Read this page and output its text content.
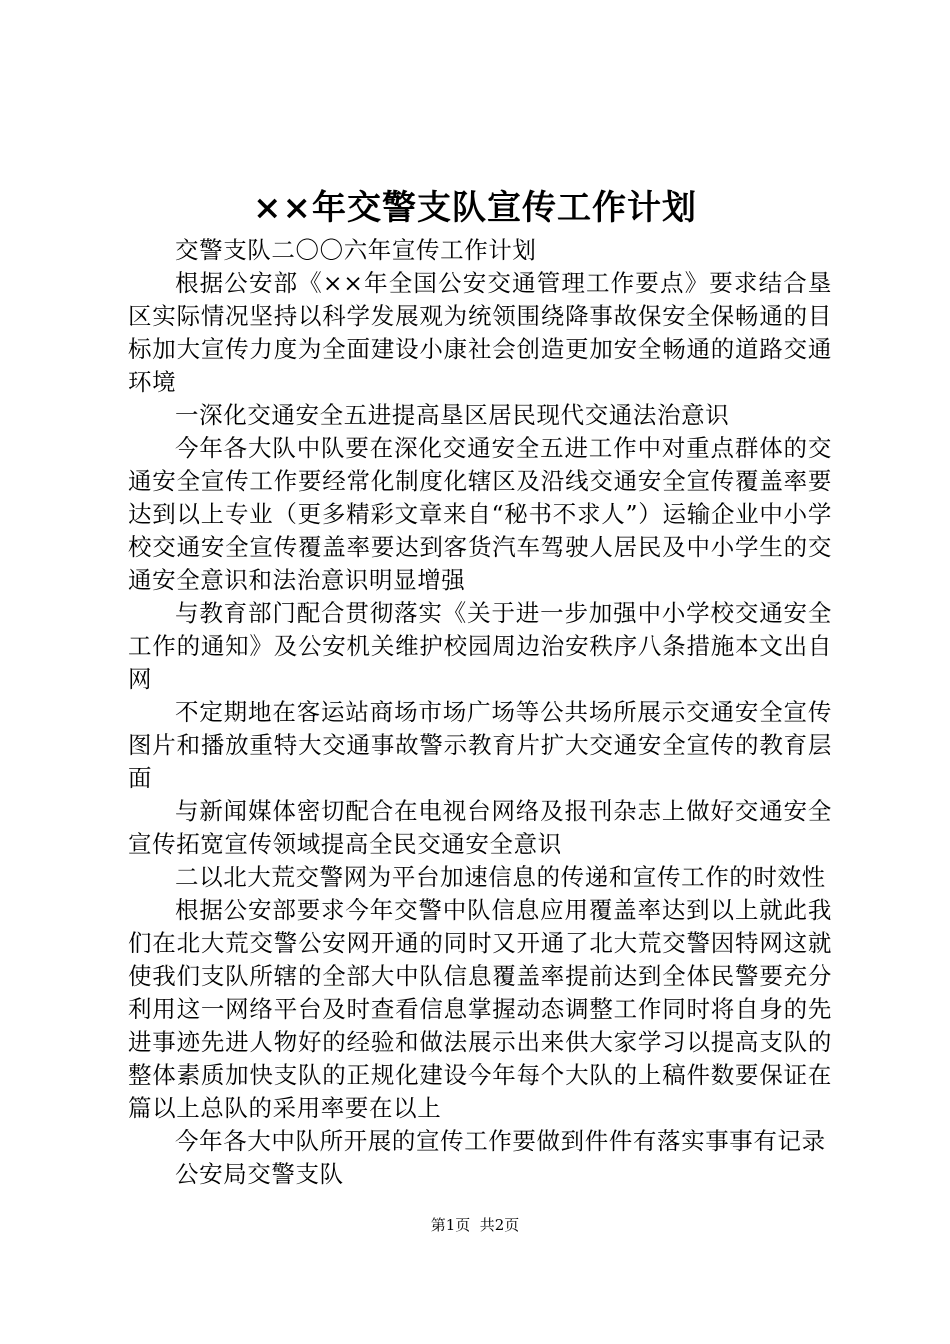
××年交警支队宣传工作计划

交警支队二〇〇六年宣传工作计划

根据公安部《××年全国公安交通管理工作要点》要求结合垦区实际情况坚持以科学发展观为统领围绕降事故保安全保畅通的目标加大宣传力度为全面建设小康社会创造更加安全畅通的道路交通环境

一深化交通安全五进提高垦区居民现代交通法治意识

今年各大队中队要在深化交通安全五进工作中对重点群体的交通安全宣传工作要经常化制度化辖区及沿线交通安全宣传覆盖率要达到以上专业（更多精彩文章来自“秘书不求人”）运输企业中小学校交通安全宣传覆盖率要达到客货汽车驾驶人居民及中小学生的交通安全意识和法治意识明显增强

与教育部门配合贯彻落实《关于进一步加强中小学校交通安全工作的通知》及公安机关维护校园周边治安秩序八条措施本文出自网

不定期地在客运站商场市场广场等公共场所展示交通安全宣传图片和播放重特大交通事故警示教育片扩大交通安全宣传的教育层面

与新闻媒体密切配合在电视台网络及报刊杂志上做好交通安全宣传拓宽宣传领域提高全民交通安全意识

二以北大荒交警网为平台加速信息的传递和宣传工作的时效性

根据公安部要求今年交警中队信息应用覆盖率达到以上就此我们在北大荒交警公安网开通的同时又开通了北大荒交警因特网这就使我们支队所辖的全部大中队信息覆盖率提前达到全体民警要充分利用这一网络平台及时查看信息掌握动态调整工作同时将自身的先进事迹先进人物好的经验和做法展示出来供大家学习以提高支队的整体素质加快支队的正规化建设今年每个大队的上稿件数要保证在篇以上总队的采用率要在以上

今年各大中队所开展的宣传工作要做到件件有落实事事有记录

公安局交警支队

第1页  共2页
